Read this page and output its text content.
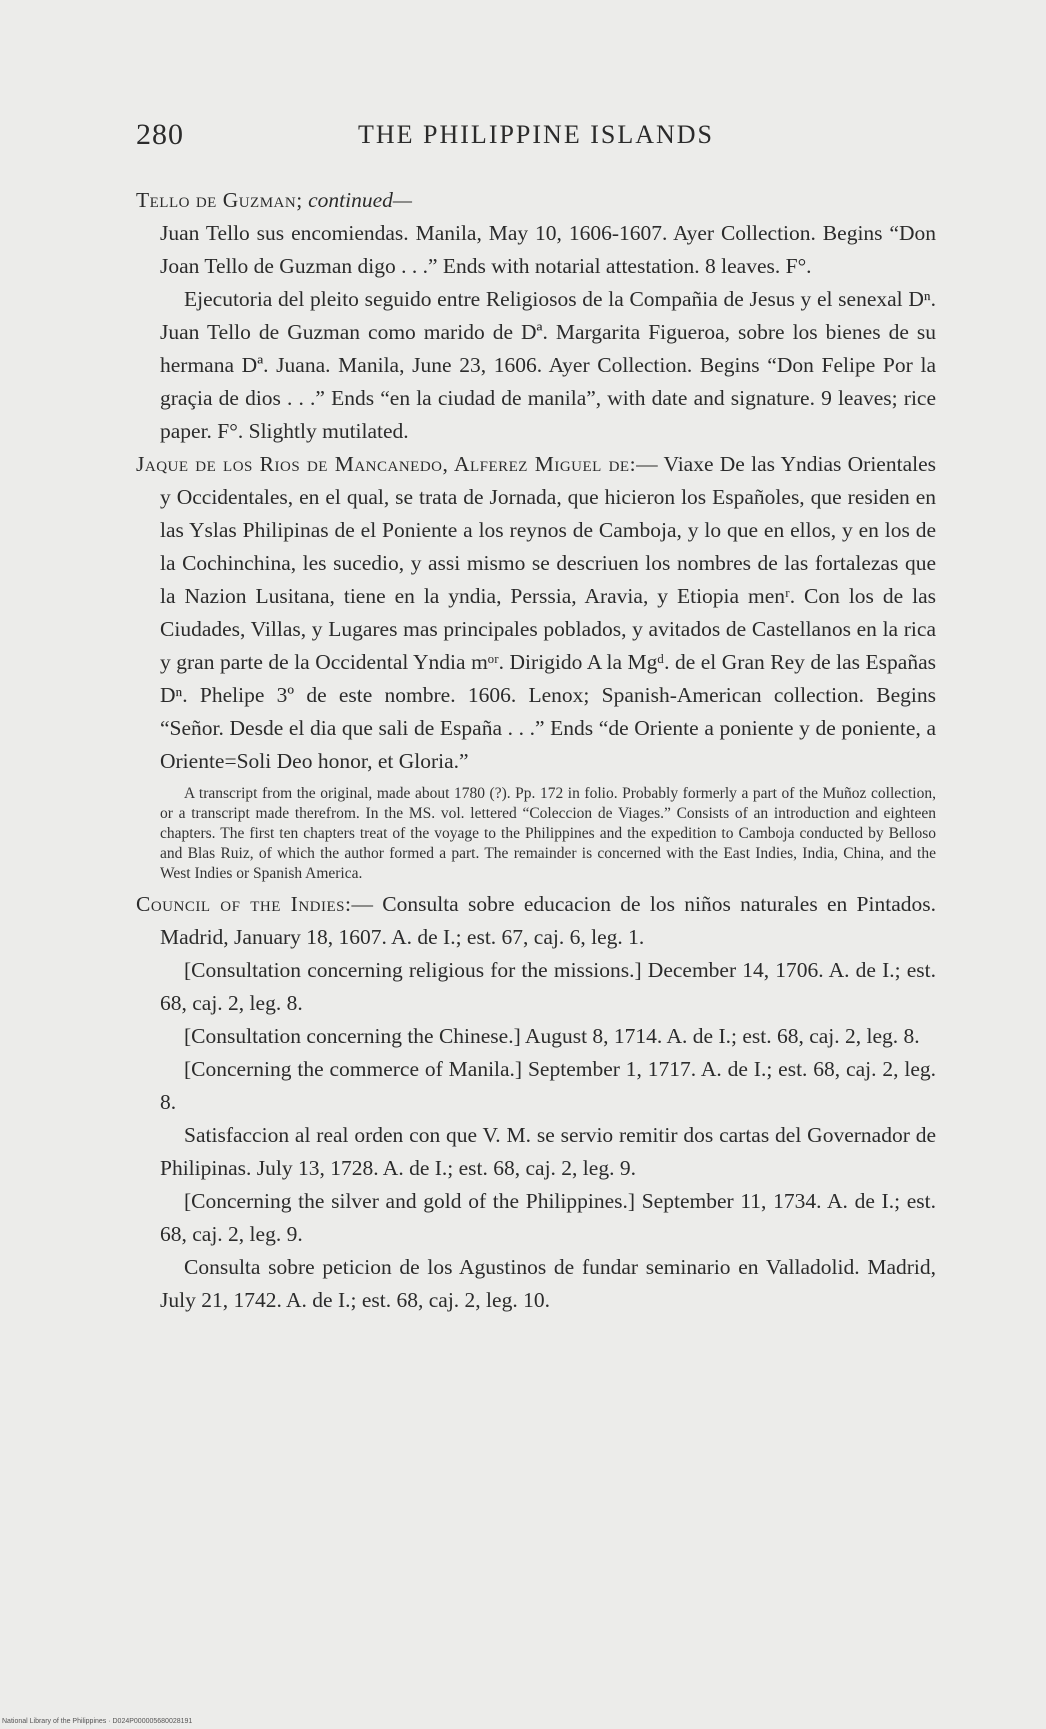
280	THE PHILIPPINE ISLANDS

Tello de Guzman; continued—

Juan Tello sus encomiendas. Manila, May 10, 1606-1607. Ayer Collection. Begins “Don Joan Tello de Guzman digo . . .” Ends with notarial attestation. 8 leaves. F°.

Ejecutoria del pleito seguido entre Religiosos de la Compañia de Jesus y el senexal Dⁿ. Juan Tello de Guzman como marido de Dª. Margarita Figueroa, sobre los bienes de su hermana Dª. Juana. Manila, June 23, 1606. Ayer Collection. Begins “Don Felipe Por la graçia de dios . . .” Ends “en la ciudad de manila”, with date and signature. 9 leaves; rice paper. F°. Slightly mutilated.

Jaque de los Rios de Mancanedo, Alferez Miguel de:— Viaxe De las Yndias Orientales y Occidentales, en el qual, se trata de Jornada, que hicieron los Españoles, que residen en las Yslas Philipinas de el Poniente a los reynos de Camboja, y lo que en ellos, y en los de la Cochinchina, les sucedio, y assi mismo se descriuen los nombres de las fortalezas que la Nazion Lusitana, tiene en la yndia, Perssia, Aravia, y Etiopia menʳ. Con los de las Ciudades, Villas, y Lugares mas principales poblados, y avitados de Castellanos en la rica y gran parte de la Occidental Yndia mᵒʳ. Dirigido A la Mgᵈ. de el Gran Rey de las Españas Dⁿ. Phelipe 3º de este nombre. 1606. Lenox; Spanish-American collection. Begins “Señor. Desde el dia que sali de España . . .” Ends “de Oriente a poniente y de poniente, a Oriente=Soli Deo honor, et Gloria.”

A transcript from the original, made about 1780 (?). Pp. 172 in folio. Probably formerly a part of the Muñoz collection, or a transcript made therefrom. In the MS. vol. lettered “Coleccion de Viages.” Consists of an introduction and eighteen chapters. The first ten chapters treat of the voyage to the Philippines and the expedition to Camboja conducted by Belloso and Blas Ruiz, of which the author formed a part. The remainder is concerned with the East Indies, India, China, and the West Indies or Spanish America.

Council of the Indies:— Consulta sobre educacion de los niños naturales en Pintados. Madrid, January 18, 1607. A. de I.; est. 67, caj. 6, leg. 1.

[Consultation concerning religious for the missions.] December 14, 1706. A. de I.; est. 68, caj. 2, leg. 8.

[Consultation concerning the Chinese.] August 8, 1714. A. de I.; est. 68, caj. 2, leg. 8.

[Concerning the commerce of Manila.] September 1, 1717. A. de I.; est. 68, caj. 2, leg. 8.

Satisfaccion al real orden con que V. M. se servio remitir dos cartas del Governador de Philipinas. July 13, 1728. A. de I.; est. 68, caj. 2, leg. 9.

[Concerning the silver and gold of the Philippines.] September 11, 1734. A. de I.; est. 68, caj. 2, leg. 9.

Consulta sobre peticion de los Agustinos de fundar seminario en Valladolid. Madrid, July 21, 1742. A. de I.; est. 68, caj. 2, leg. 10.

National Library of the Philippines · D024P000005680028191
